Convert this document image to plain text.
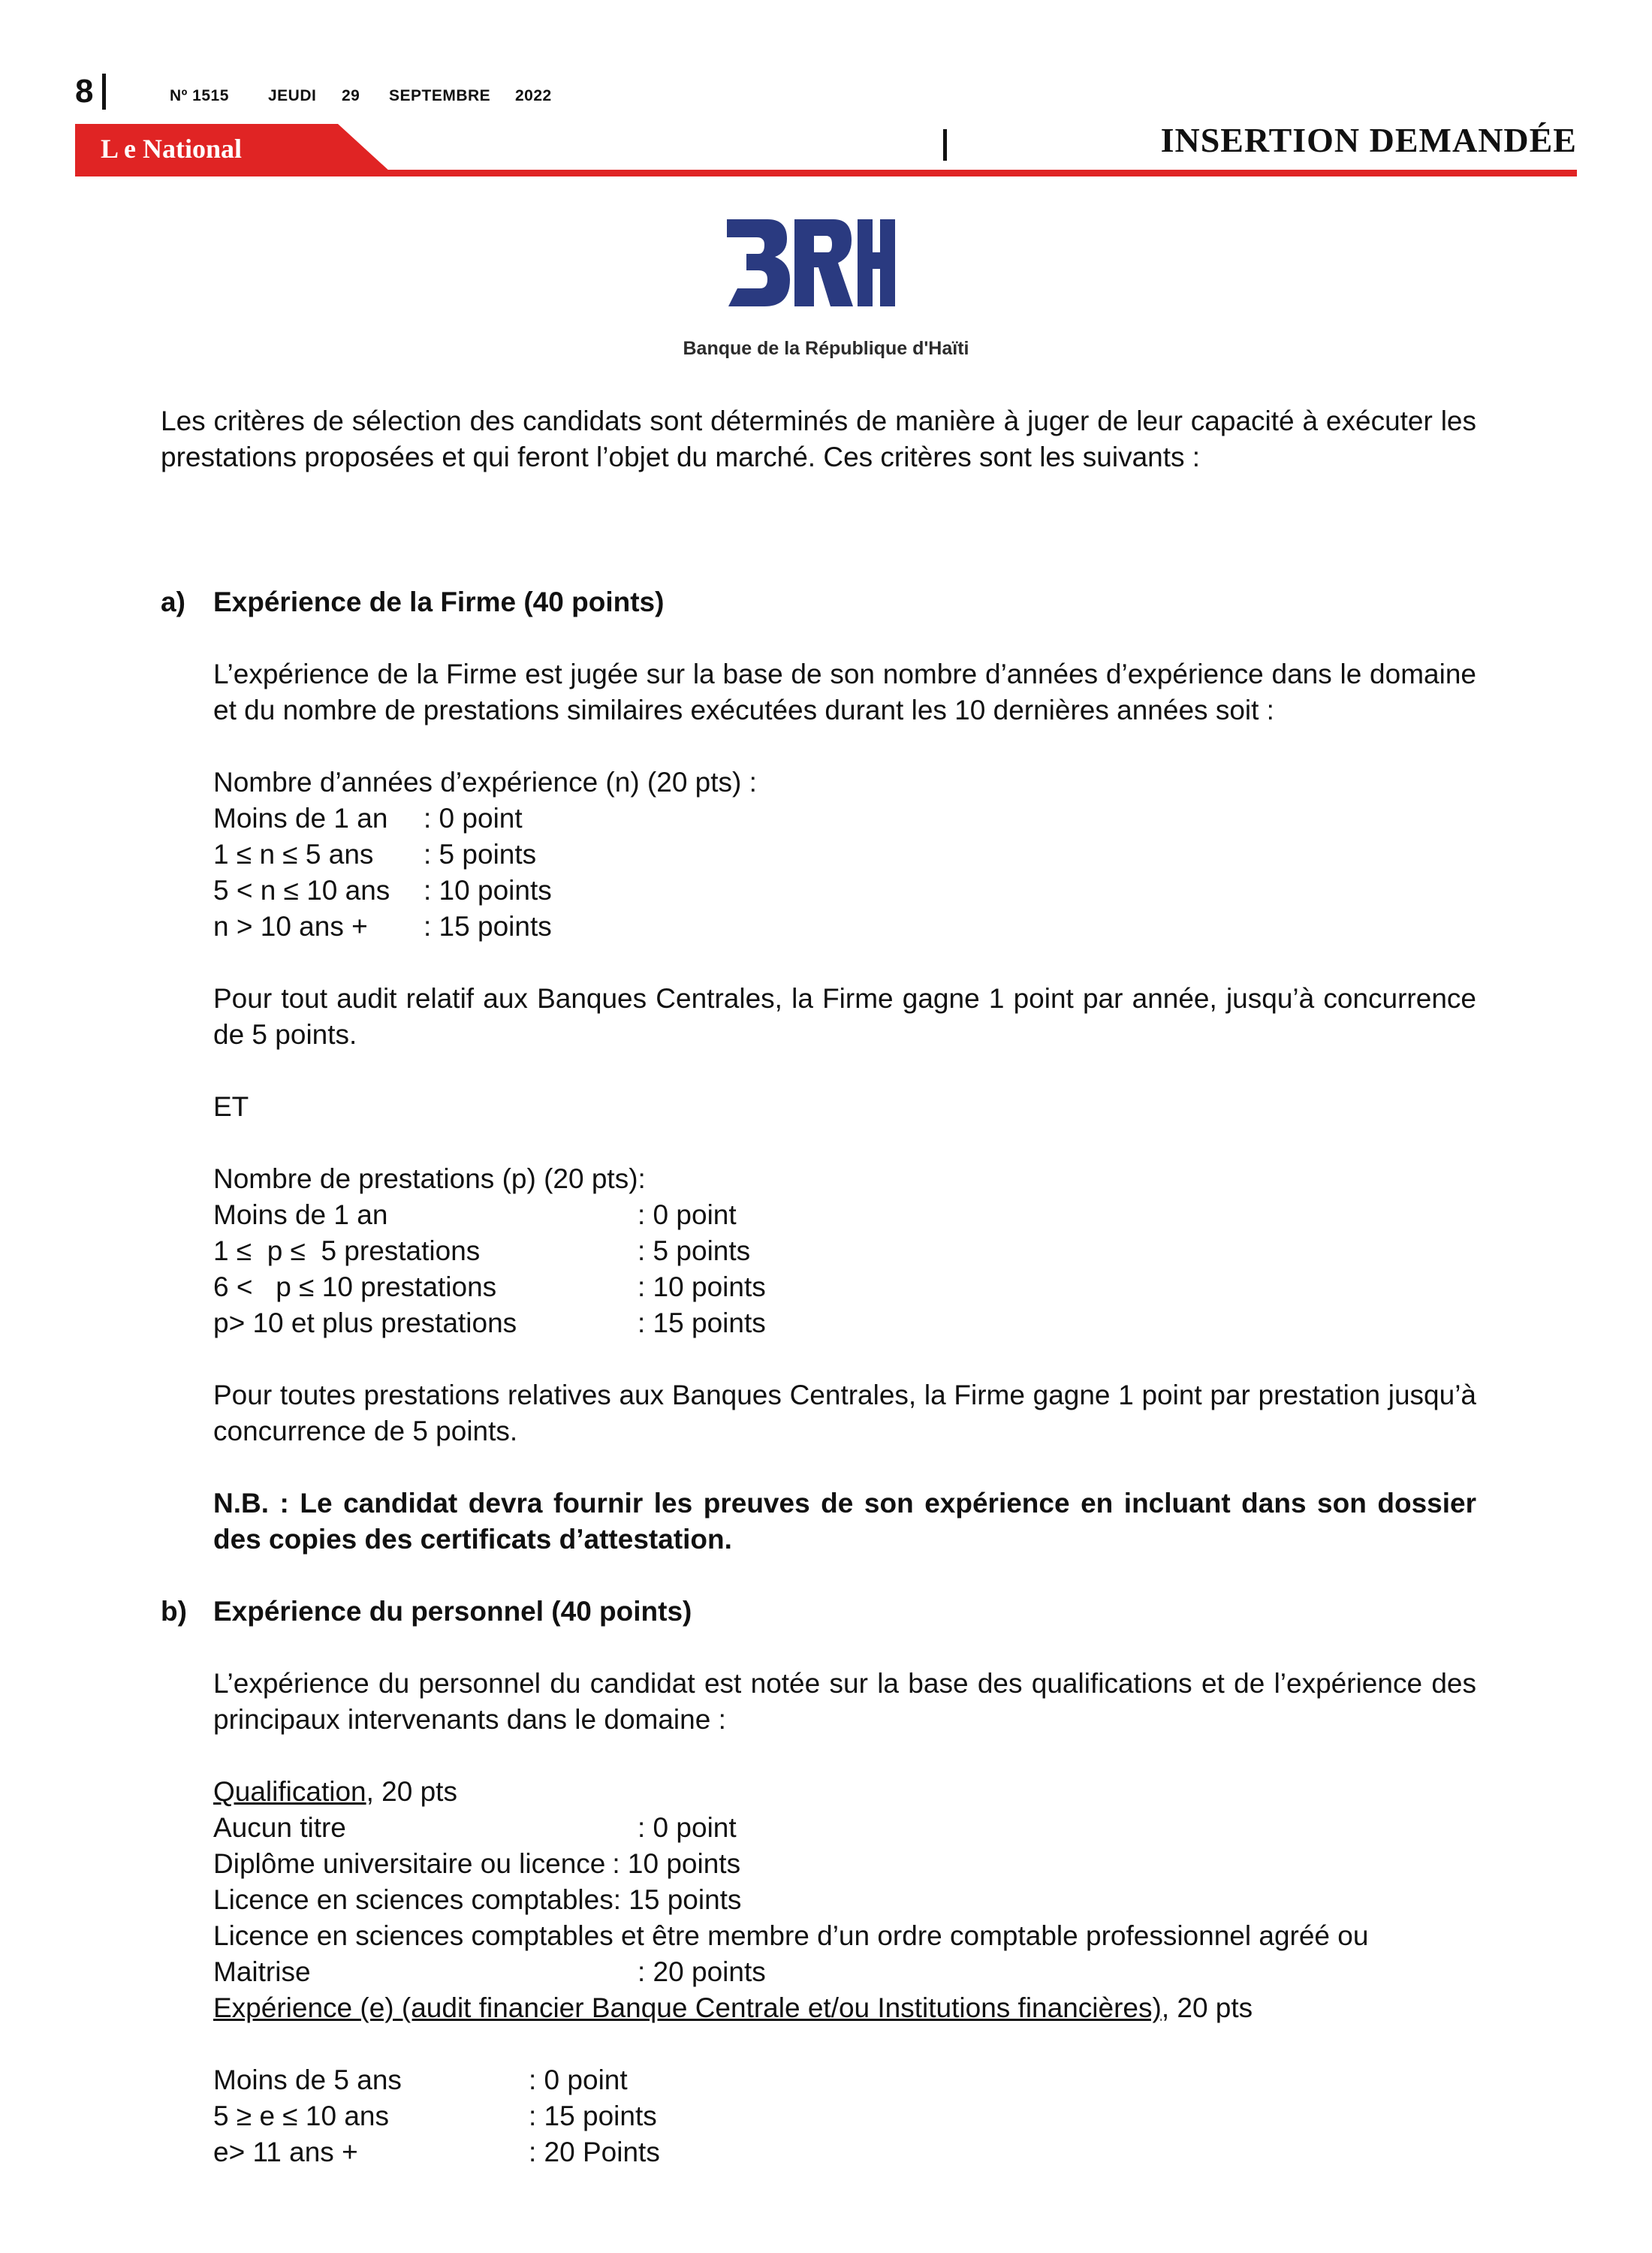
8	Nº 1515 JEUDI 29 SEPTEMBRE 2022
L e National	INSERTION DEMANDÉE
Banque de la République d'Haïti

Les critères de sélection des candidats sont déterminés de manière à juger de leur capacité à exécuter les prestations proposées et qui feront l’objet du marché. Ces critères sont les suivants :

a)	Expérience de la Firme (40 points)

L’expérience de la Firme est jugée sur la base de son nombre d’années d’expérience dans le domaine et du nombre de prestations similaires exécutées durant les 10 dernières années soit :

Nombre d’années d’expérience (n) (20 pts) :

Moins de 1 an	: 0 point
1 ≤ n ≤ 5 ans	: 5 points
5 < n ≤ 10 ans	: 10 points
n > 10 ans +	: 15 points

Pour tout audit relatif aux Banques Centrales, la Firme gagne 1 point par année, jusqu’à concurrence de 5 points.

ET

Nombre de prestations (p) (20 pts):

Moins de 1 an	: 0 point
1 ≤  p ≤  5 prestations	: 5 points
6 <   p ≤ 10 prestations	: 10 points
p> 10 et plus prestations	: 15 points

Pour toutes prestations relatives aux Banques Centrales, la Firme gagne 1 point par prestation jusqu’à concurrence de 5 points.

N.B. : Le candidat devra fournir les preuves de son expérience en incluant dans son dossier des copies des certificats d’attestation.

b) Expérience du personnel (40 points)

L’expérience du personnel du candidat est notée sur la base des qualifications et de l’expérience des principaux intervenants dans le domaine :

Qualification, 20 pts

Aucun titre	: 0 point
Diplôme universitaire ou licence : 10 points
Licence en sciences comptables : 15 points

Licence en sciences comptables et être membre d’un ordre comptable professionnel agréé ou

Maitrise	: 20 points

Expérience (e) (audit financier Banque Centrale et/ou Institutions financières), 20 pts

Moins de 5 ans	: 0 point
5 ≥ e ≤ 10 ans	: 15 points
e> 11 ans +	: 20 Points
